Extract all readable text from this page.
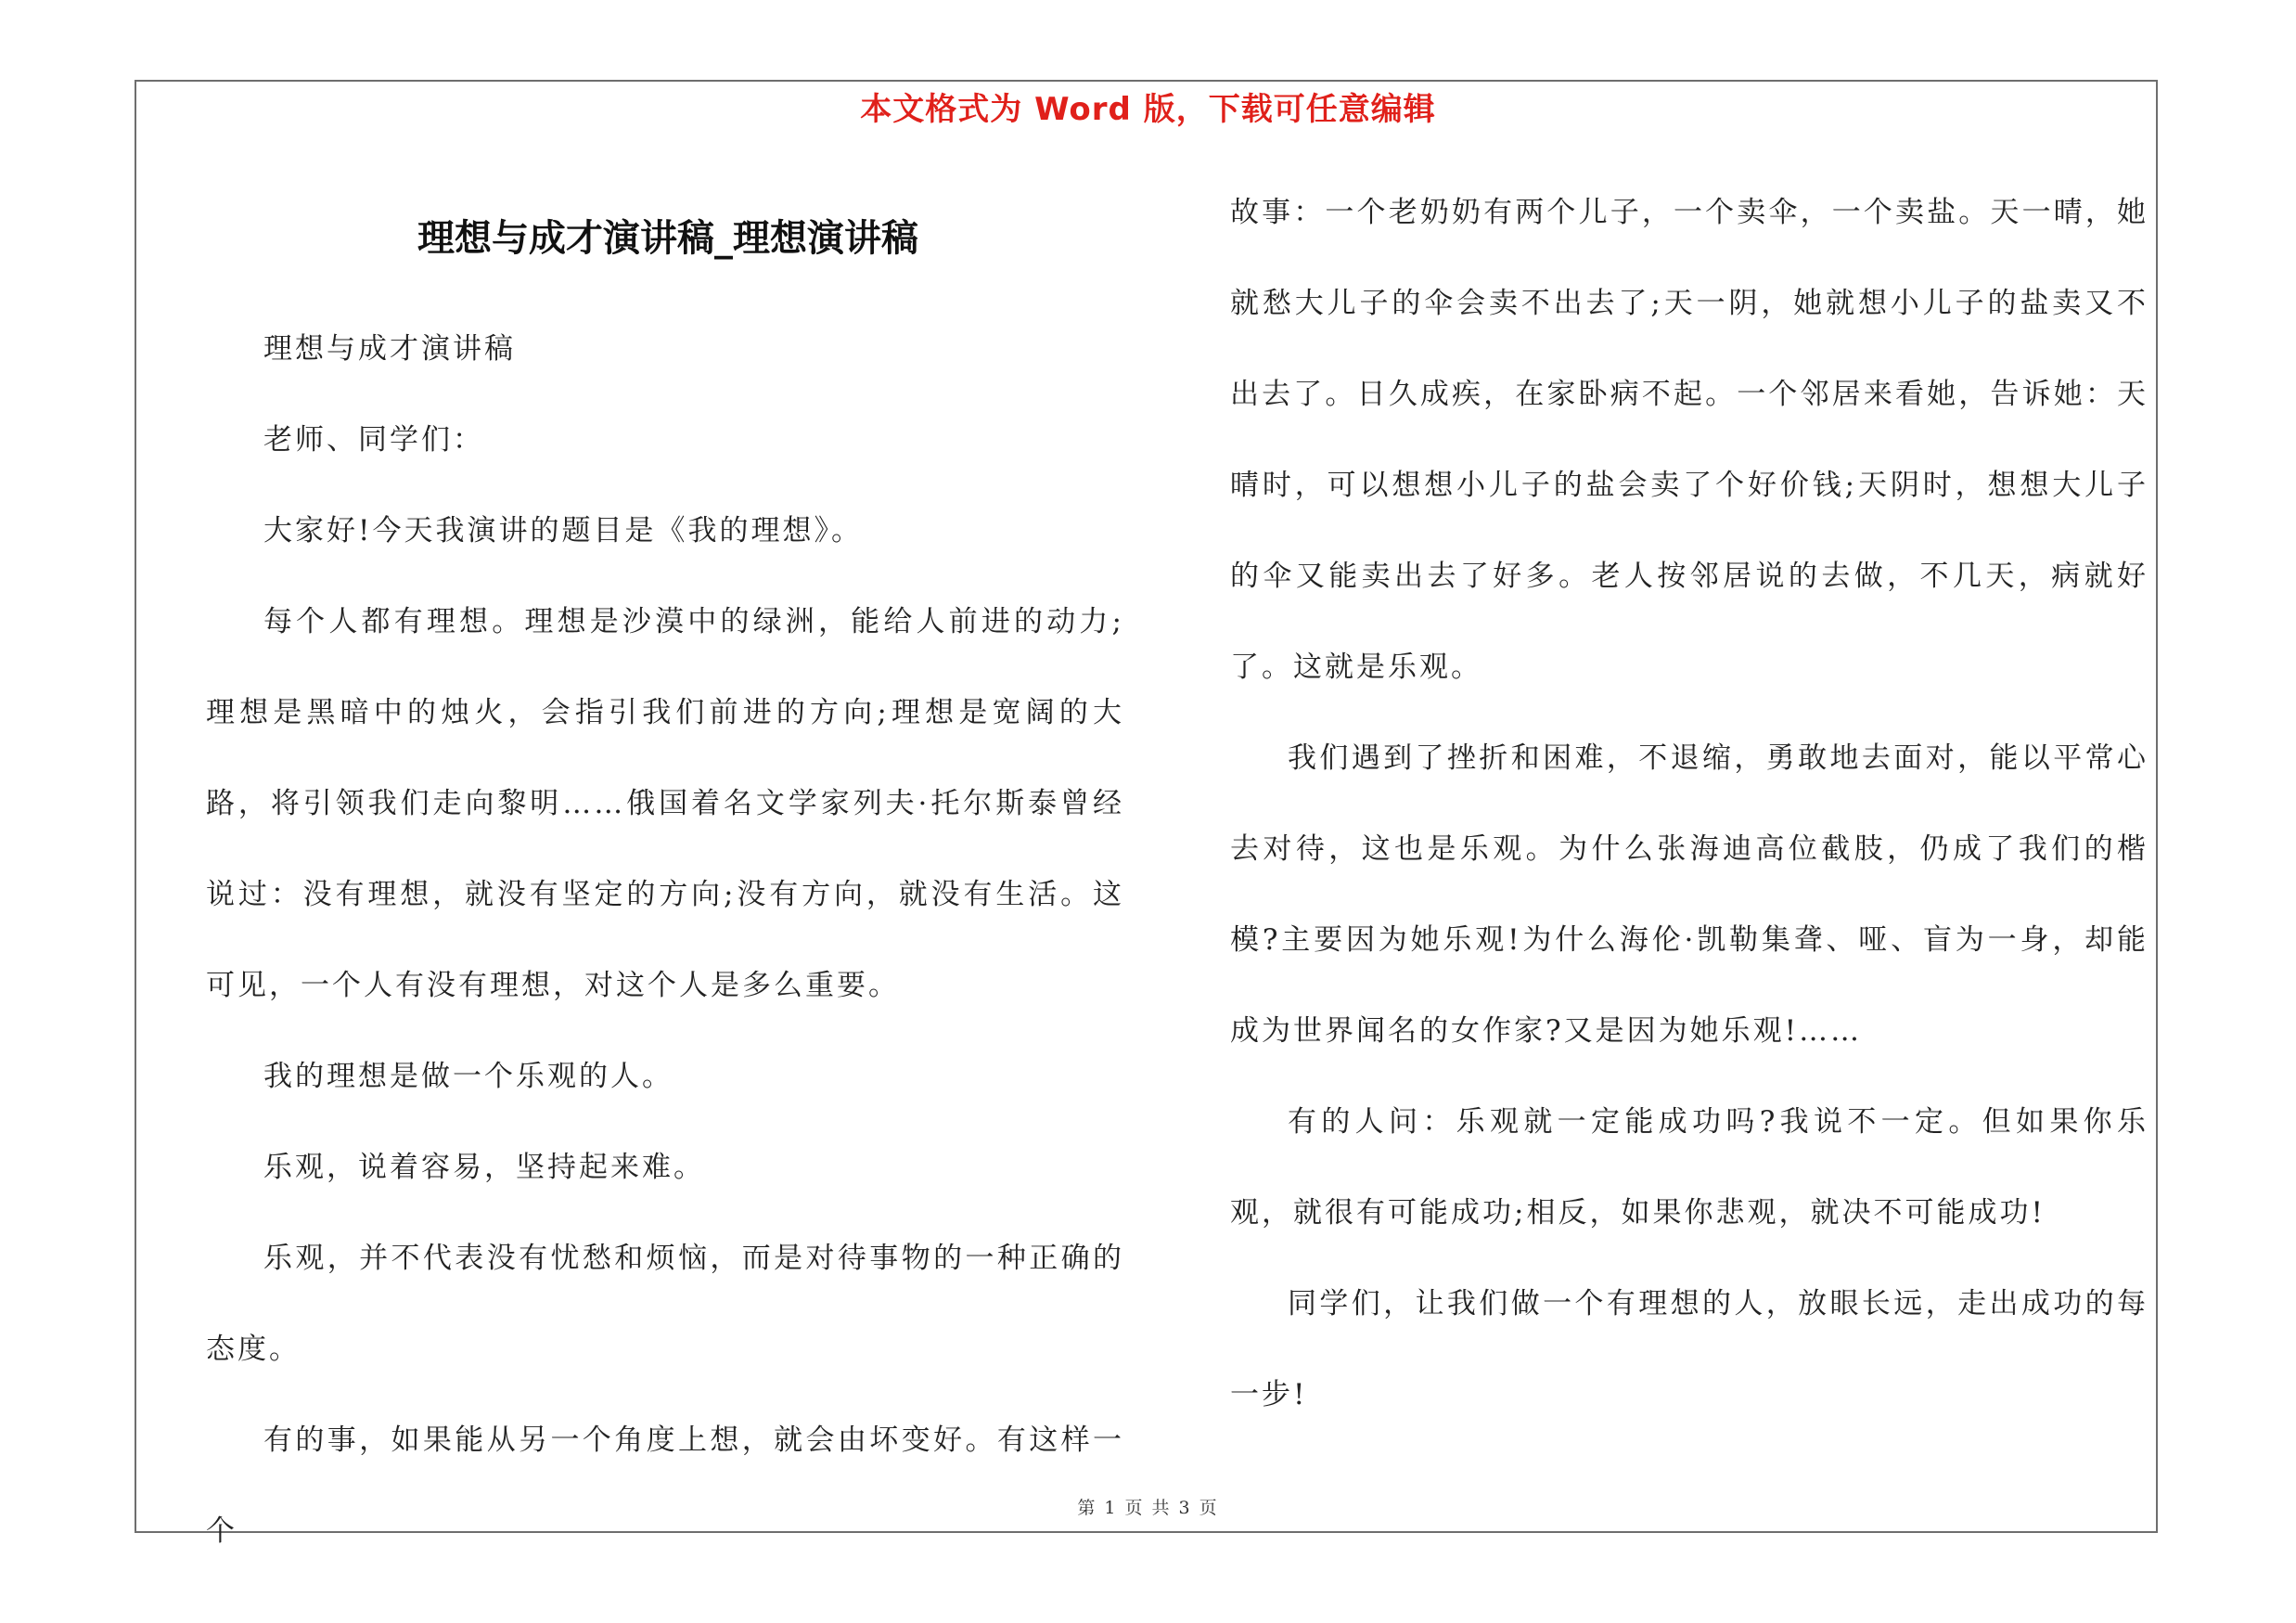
本文格式为 Word 版，下载可任意编辑
理想与成才演讲稿_理想演讲稿

理想与成才演讲稿

老师、同学们：

大家好!今天我演讲的题目是《我的理想》。

每个人都有理想。理想是沙漠中的绿洲，能给人前进的动力;理想是黑暗中的烛火，会指引我们前进的方向;理想是宽阔的大路，将引领我们走向黎明……俄国着名文学家列夫·托尔斯泰曾经说过：没有理想，就没有坚定的方向;没有方向，就没有生活。这可见，一个人有没有理想，对这个人是多么重要。

我的理想是做一个乐观的人。

乐观，说着容易，坚持起来难。

乐观，并不代表没有忧愁和烦恼，而是对待事物的一种正确的态度。

有的事，如果能从另一个角度上想，就会由坏变好。有这样一个

故事：一个老奶奶有两个儿子，一个卖伞，一个卖盐。天一晴，她就愁大儿子的伞会卖不出去了;天一阴，她就想小儿子的盐卖又不出去了。日久成疾，在家卧病不起。一个邻居来看她，告诉她：天晴时，可以想想小儿子的盐会卖了个好价钱;天阴时，想想大儿子的伞又能卖出去了好多。老人按邻居说的去做，不几天，病就好了。这就是乐观。

我们遇到了挫折和困难，不退缩，勇敢地去面对，能以平常心去对待，这也是乐观。为什么张海迪高位截肢，仍成了我们的楷模?主要因为她乐观!为什么海伦·凯勒集聋、哑、盲为一身，却能成为世界闻名的女作家?又是因为她乐观!……

有的人问：乐观就一定能成功吗?我说不一定。但如果你乐观，就很有可能成功;相反，如果你悲观，就决不可能成功!

同学们，让我们做一个有理想的人，放眼长远，走出成功的每一步!

第 1 页 共 3 页
